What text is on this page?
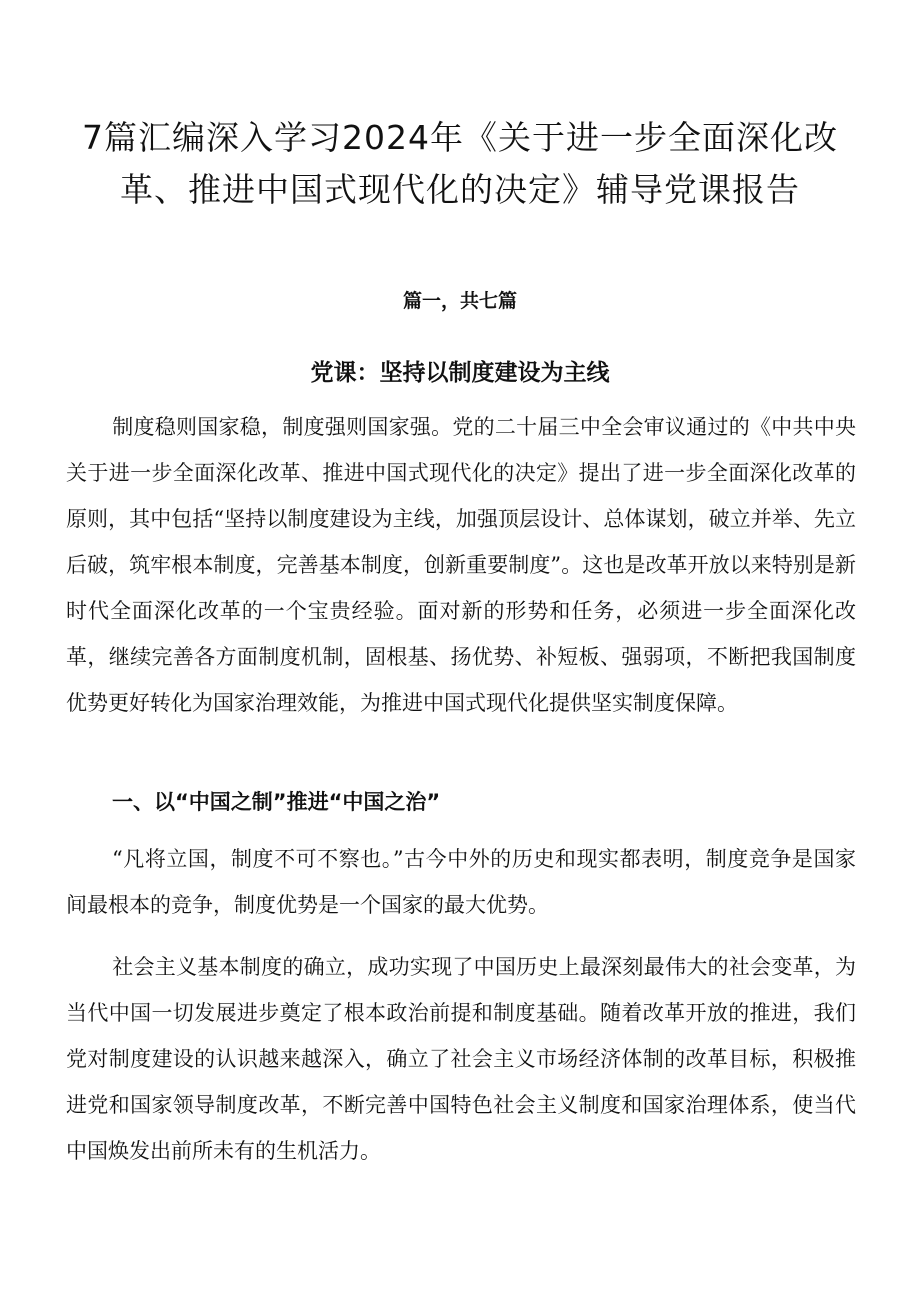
7篇汇编深入学习2024年《关于进一步全面深化改
革、推进中国式现代化的决定》辅导党课报告
篇一，共七篇
党课：坚持以制度建设为主线

制度稳则国家稳，制度强则国家强。党的二十届三中全会审议通过的《中共中央关于进一步全面深化改革、推进中国式现代化的决定》提出了进一步全面深化改革的原则，其中包括“坚持以制度建设为主线，加强顶层设计、总体谋划，破立并举、先立后破，筑牢根本制度，完善基本制度，创新重要制度”。这也是改革开放以来特别是新时代全面深化改革的一个宝贵经验。面对新的形势和任务，必须进一步全面深化改革，继续完善各方面制度机制，固根基、扬优势、补短板、强弱项，不断把我国制度优势更好转化为国家治理效能，为推进中国式现代化提供坚实制度保障。

一、以“中国之制”推进“中国之治”

“凡将立国，制度不可不察也。”古今中外的历史和现实都表明，制度竞争是国家间最根本的竞争，制度优势是一个国家的最大优势。

社会主义基本制度的确立，成功实现了中国历史上最深刻最伟大的社会变革，为当代中国一切发展进步奠定了根本政治前提和制度基础。随着改革开放的推进，我们党对制度建设的认识越来越深入，确立了社会主义市场经济体制的改革目标，积极推进党和国家领导制度改革，不断完善中国特色社会主义制度和国家治理体系，使当代中国焕发出前所未有的生机活力。
